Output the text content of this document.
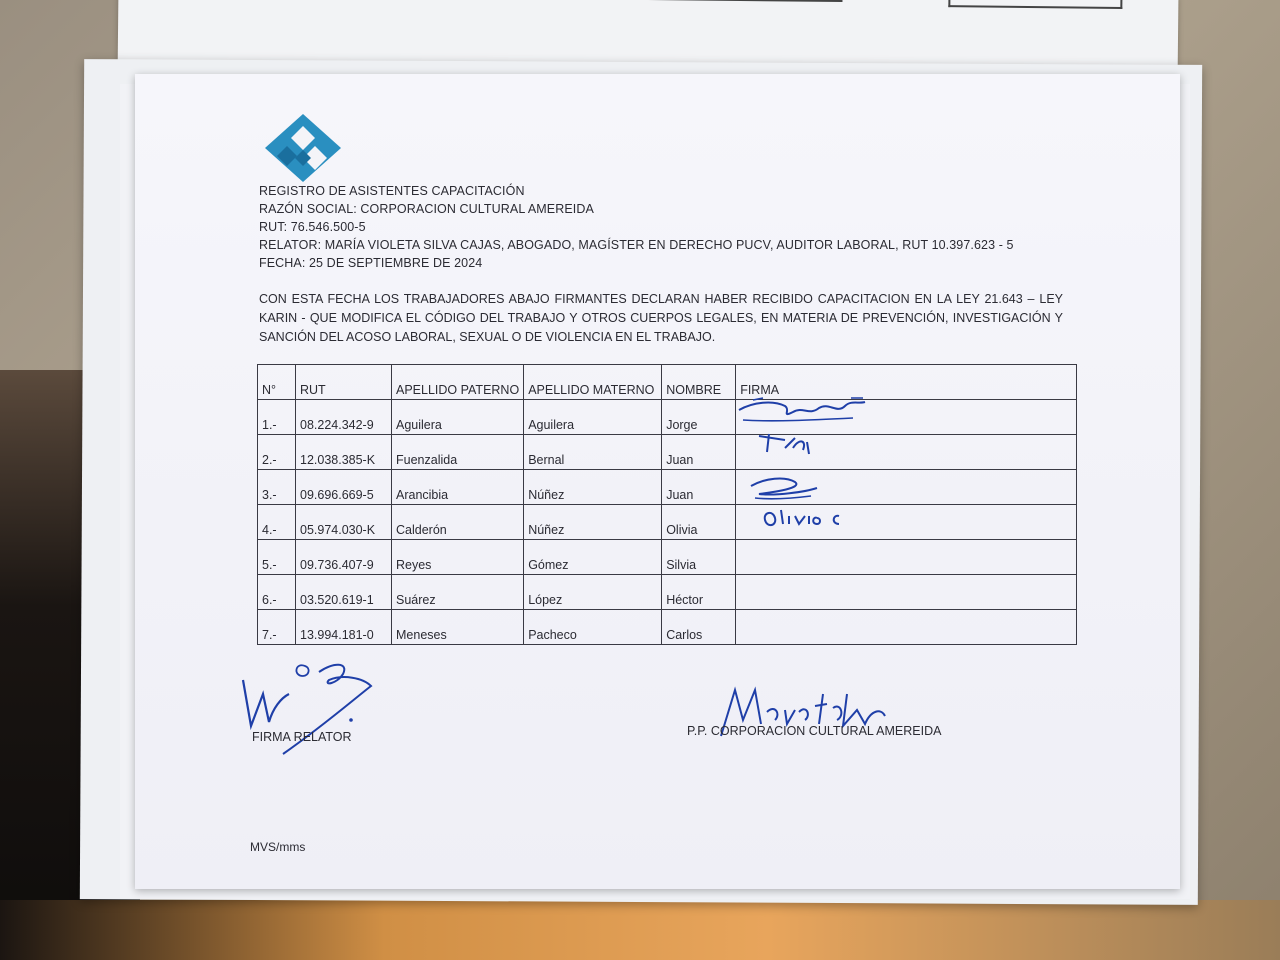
REGISTRO DE ASISTENTES CAPACITACIÓN
RAZÓN SOCIAL: CORPORACION CULTURAL AMEREIDA
RUT: 76.546.500-5
RELATOR: MARÍA VIOLETA SILVA CAJAS, ABOGADO, MAGÍSTER EN DERECHO PUCV, AUDITOR LABORAL, RUT 10.397.623 - 5
FECHA: 25 DE SEPTIEMBRE DE 2024
CON ESTA FECHA LOS TRABAJADORES ABAJO FIRMANTES DECLARAN HABER RECIBIDO CAPACITACION EN LA LEY 21.643 – LEY KARIN - QUE MODIFICA EL CÓDIGO DEL TRABAJO Y OTROS CUERPOS LEGALES, EN MATERIA DE PREVENCIÓN, INVESTIGACIÓN Y SANCIÓN DEL ACOSO LABORAL, SEXUAL O DE VIOLENCIA EN EL TRABAJO.
N°	RUT	APELLIDO PATERNO	APELLIDO MATERNO	NOMBRE	FIRMA
1.-	08.224.342-9	Aguilera	Aguilera	Jorge	
2.-	12.038.385-K	Fuenzalida	Bernal	Juan	
3.-	09.696.669-5	Arancibia	Núñez	Juan	
4.-	05.974.030-K	Calderón	Núñez	Olivia	
5.-	09.736.407-9	Reyes	Gómez	Silvia	
6.-	03.520.619-1	Suárez	López	Héctor	
7.-	13.994.181-0	Meneses	Pacheco	Carlos	
FIRMA RELATOR	P.P. CORPORACION CULTURAL AMEREIDA
MVS/mms
